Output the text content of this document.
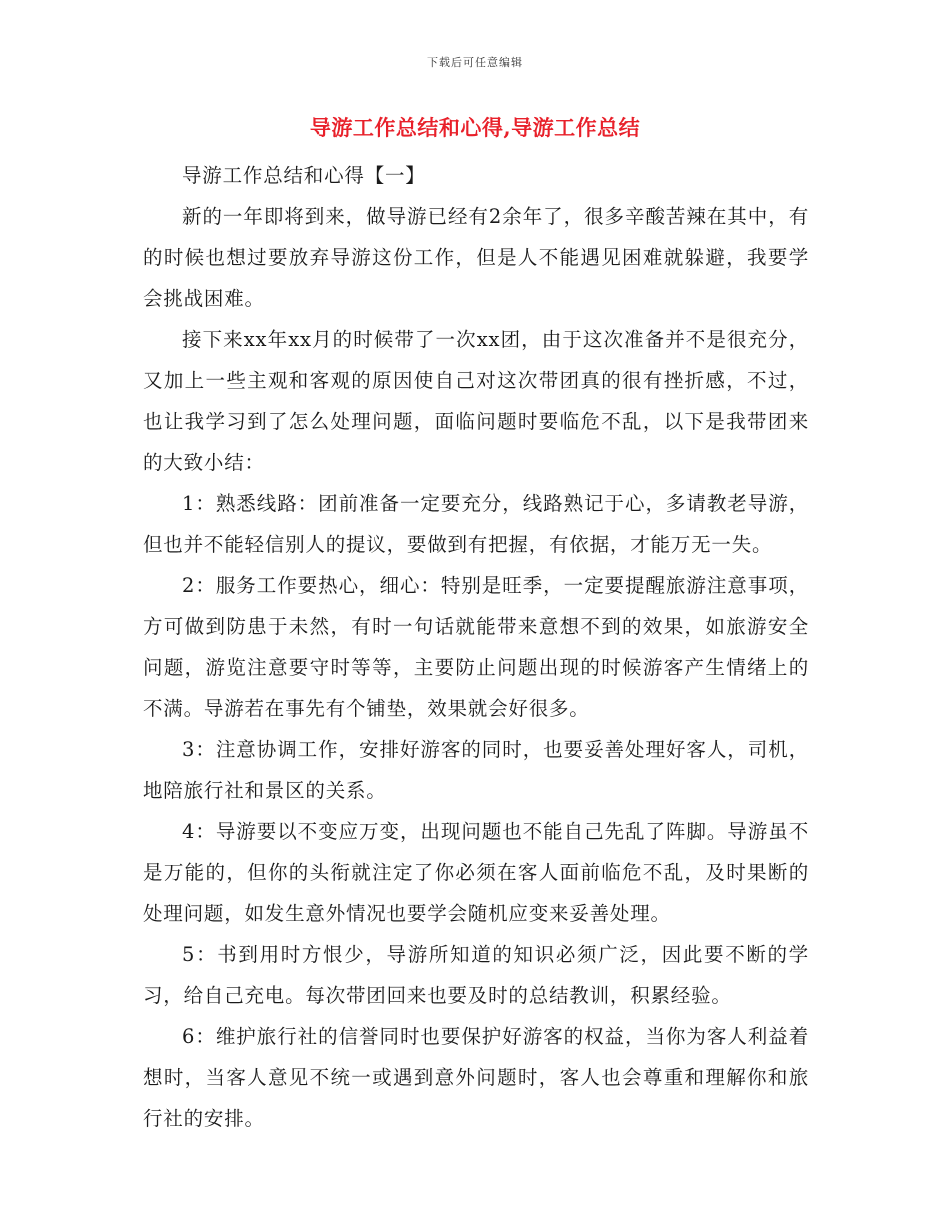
下载后可任意编辑
导游工作总结和心得,导游工作总结

导游工作总结和心得【一】

新的一年即将到来，做导游已经有2余年了，很多辛酸苦辣在其中，有的时候也想过要放弃导游这份工作，但是人不能遇见困难就躲避，我要学会挑战困难。

接下来xx年xx月的时候带了一次xx团，由于这次准备并不是很充分，又加上一些主观和客观的原因使自己对这次带团真的很有挫折感，不过，也让我学习到了怎么处理问题，面临问题时要临危不乱，以下是我带团来的大致小结：

1：熟悉线路：团前准备一定要充分，线路熟记于心，多请教老导游，但也并不能轻信别人的提议，要做到有把握，有依据，才能万无一失。

2：服务工作要热心，细心：特别是旺季，一定要提醒旅游注意事项，方可做到防患于未然，有时一句话就能带来意想不到的效果，如旅游安全问题，游览注意要守时等等，主要防止问题出现的时候游客产生情绪上的不满。导游若在事先有个铺垫，效果就会好很多。

3：注意协调工作，安排好游客的同时，也要妥善处理好客人，司机，地陪旅行社和景区的关系。

4：导游要以不变应万变，出现问题也不能自己先乱了阵脚。导游虽不是万能的，但你的头衔就注定了你必须在客人面前临危不乱，及时果断的处理问题，如发生意外情况也要学会随机应变来妥善处理。

5：书到用时方恨少，导游所知道的知识必须广泛，因此要不断的学习，给自己充电。每次带团回来也要及时的总结教训，积累经验。

6：维护旅行社的信誉同时也要保护好游客的权益，当你为客人利益着想时，当客人意见不统一或遇到意外问题时，客人也会尊重和理解你和旅行社的安排。
